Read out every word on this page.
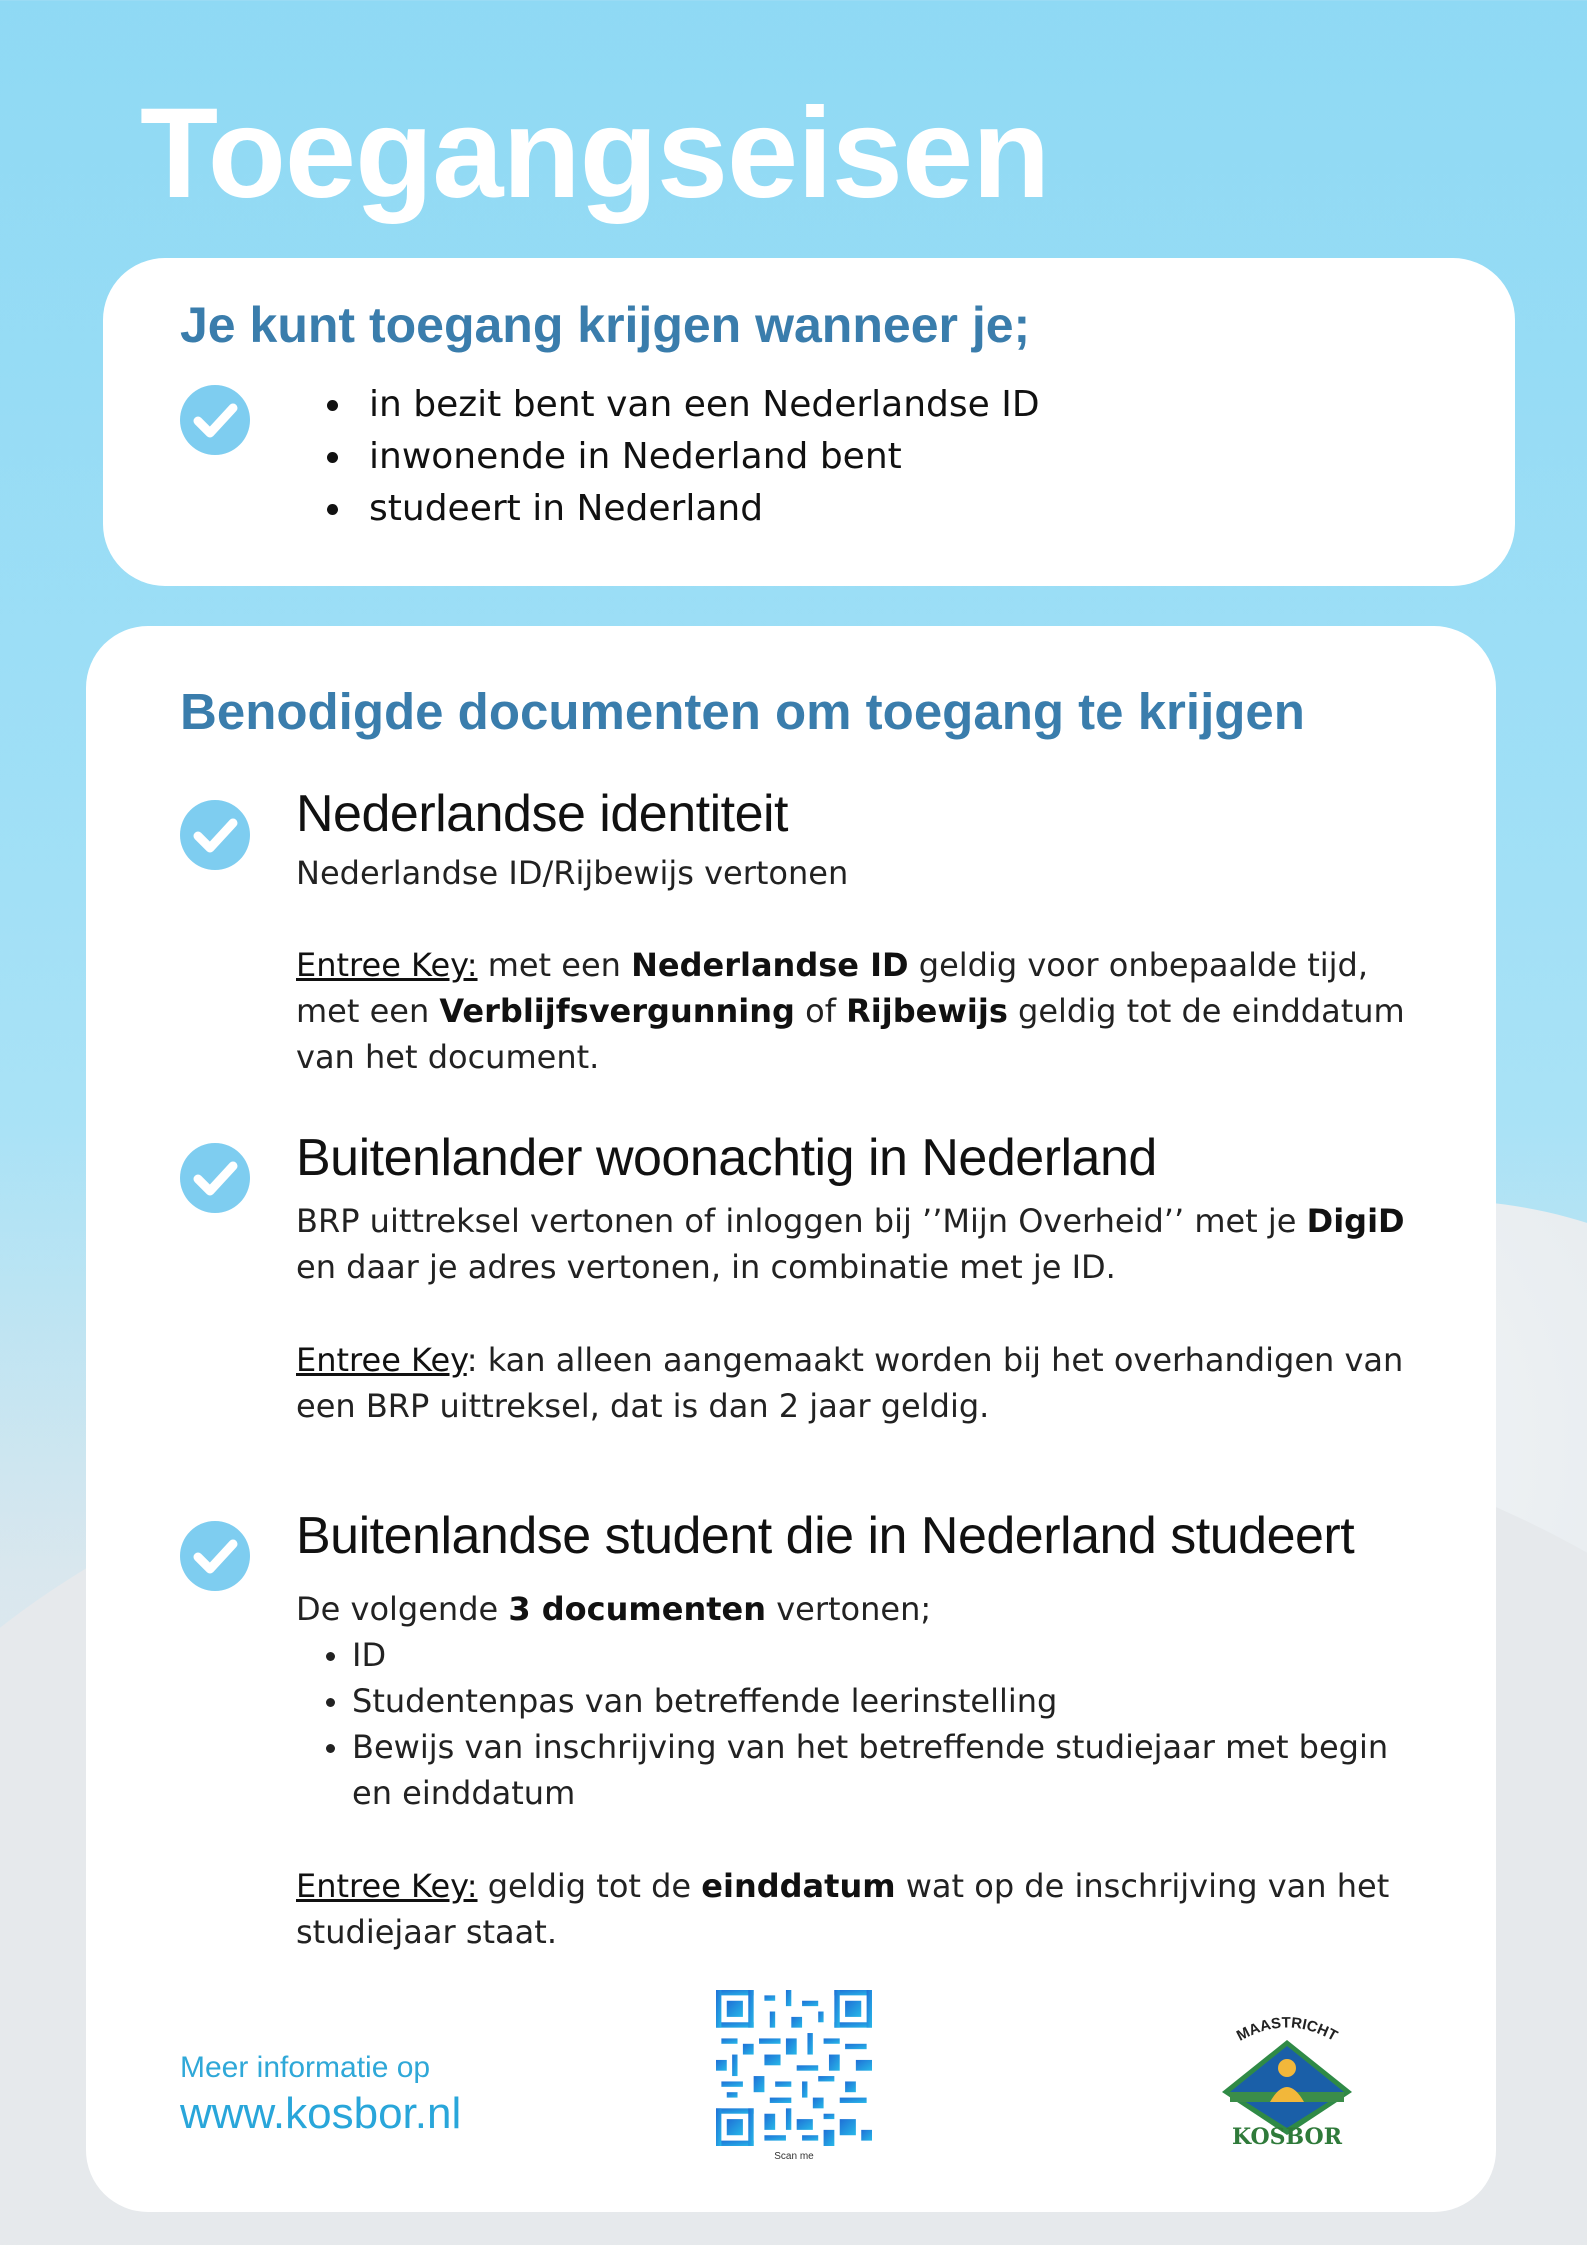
Toegangseisen
Je kunt toegang krijgen wanneer je;
in bezit bent van een Nederlandse ID
inwonende in Nederland bent
studeert in Nederland
Benodigde documenten om toegang te krijgen
Nederlandse identiteit
Nederlandse ID/Rijbewijs vertonen
Entree Key: met een Nederlandse ID geldig voor onbepaalde tijd, met een Verblijfsvergunning of Rijbewijs geldig tot de einddatum van het document.
Buitenlander woonachtig in Nederland
BRP uittreksel vertonen of inloggen bij ’’Mijn Overheid’’ met je DigiD en daar je adres vertonen, in combinatie met je ID.
Entree Key: kan alleen aangemaakt worden bij het overhandigen van een BRP uittreksel, dat is dan 2 jaar geldig.
Buitenlandse student die in Nederland studeert
De volgende 3 documenten vertonen;
ID
Studentenpas van betreffende leerinstelling
Bewijs van inschrijving van het betreffende studiejaar met begin en einddatum
Entree Key: geldig tot de einddatum wat op de inschrijving van het studiejaar staat.
Meer informatie op
www.kosbor.nl
Scan me
MAASTRICHT
KOSBOR
